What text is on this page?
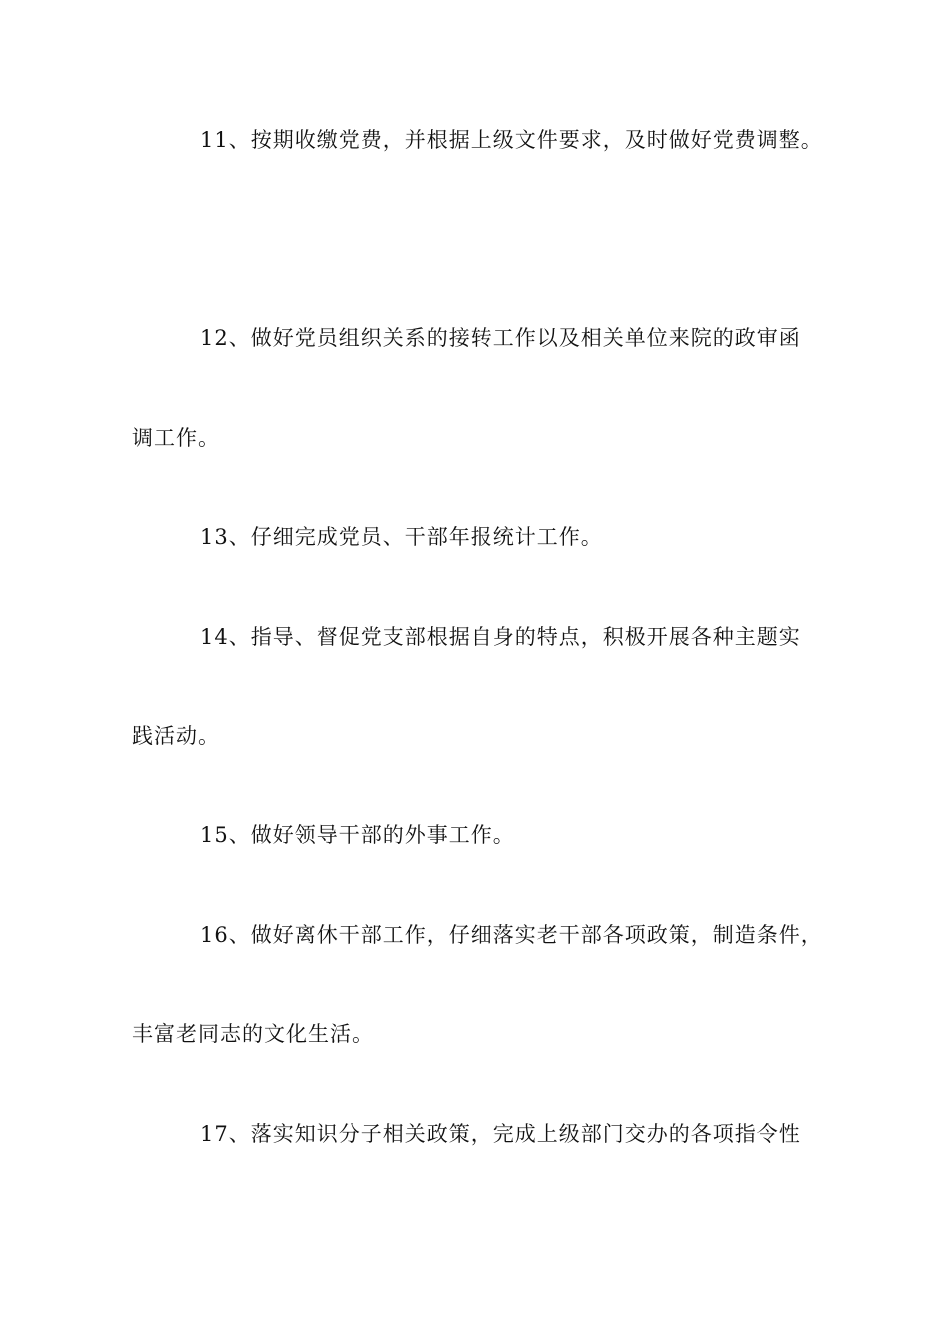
11、按期收缴党费，并根据上级文件要求，及时做好党费调整。
12、做好党员组织关系的接转工作以及相关单位来院的政审函
调工作。
13、仔细完成党员、干部年报统计工作。
14、指导、督促党支部根据自身的特点，积极开展各种主题实
践活动。
15、做好领导干部的外事工作。
16、做好离休干部工作，仔细落实老干部各项政策，制造条件，
丰富老同志的文化生活。
17、落实知识分子相关政策，完成上级部门交办的各项指令性
